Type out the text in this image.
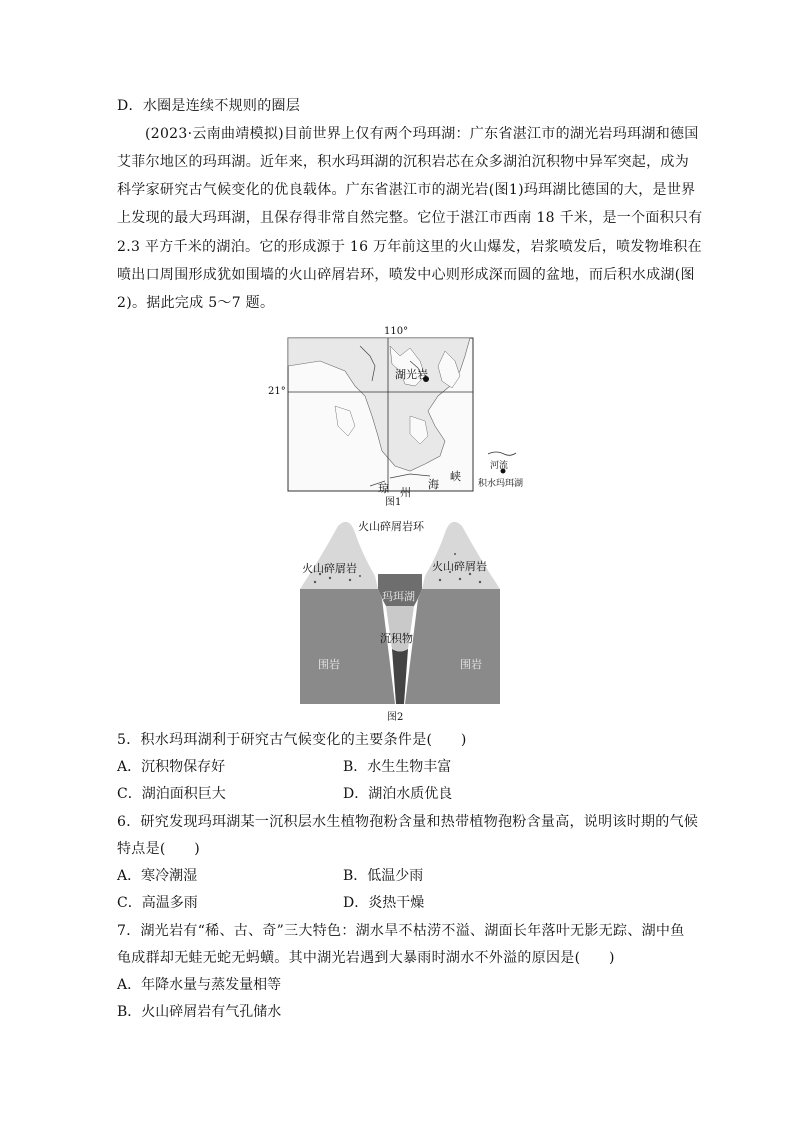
D．水圈是连续不规则的圈层
(2023·云南曲靖模拟)目前世界上仅有两个玛珥湖：广东省湛江市的湖光岩玛珥湖和德国
艾菲尔地区的玛珥湖。近年来，积水玛珥湖的沉积岩芯在众多湖泊沉积物中异军突起，成为
科学家研究古气候变化的优良载体。广东省湛江市的湖光岩(图1)玛珥湖比德国的大，是世界
上发现的最大玛珥湖，且保存得非常自然完整。它位于湛江市西南 18 千米，是一个面积只有
2.3 平方千米的湖泊。它的形成源于 16 万年前这里的火山爆发，岩浆喷发后，喷发物堆积在
喷出口周围形成犹如围墙的火山碎屑岩环，喷发中心则形成深而圆的盆地，而后积水成湖(图
2)。据此完成 5～7 题。
110°
21°
湖光岩
琼 州
海
峡
河流
积水玛珥湖
图1
火山碎屑岩环
火山碎屑岩	火山碎屑岩
玛珥湖
沉积物
围岩	围岩
图2
5．积水玛珥湖利于研究古气候变化的主要条件是(　　)
A．沉积物保存好	B．水生生物丰富
C．湖泊面积巨大	D．湖泊水质优良
6．研究发现玛珥湖某一沉积层水生植物孢粉含量和热带植物孢粉含量高，说明该时期的气候
特点是(　　)
A．寒冷潮湿	B．低温少雨
C．高温多雨	D．炎热干燥
7．湖光岩有“稀、古、奇”三大特色：湖水旱不枯涝不溢、湖面长年落叶无影无踪、湖中鱼
龟成群却无蛙无蛇无蚂蟥。其中湖光岩遇到大暴雨时湖水不外溢的原因是(　　)
A．年降水量与蒸发量相等
B．火山碎屑岩有气孔储水
